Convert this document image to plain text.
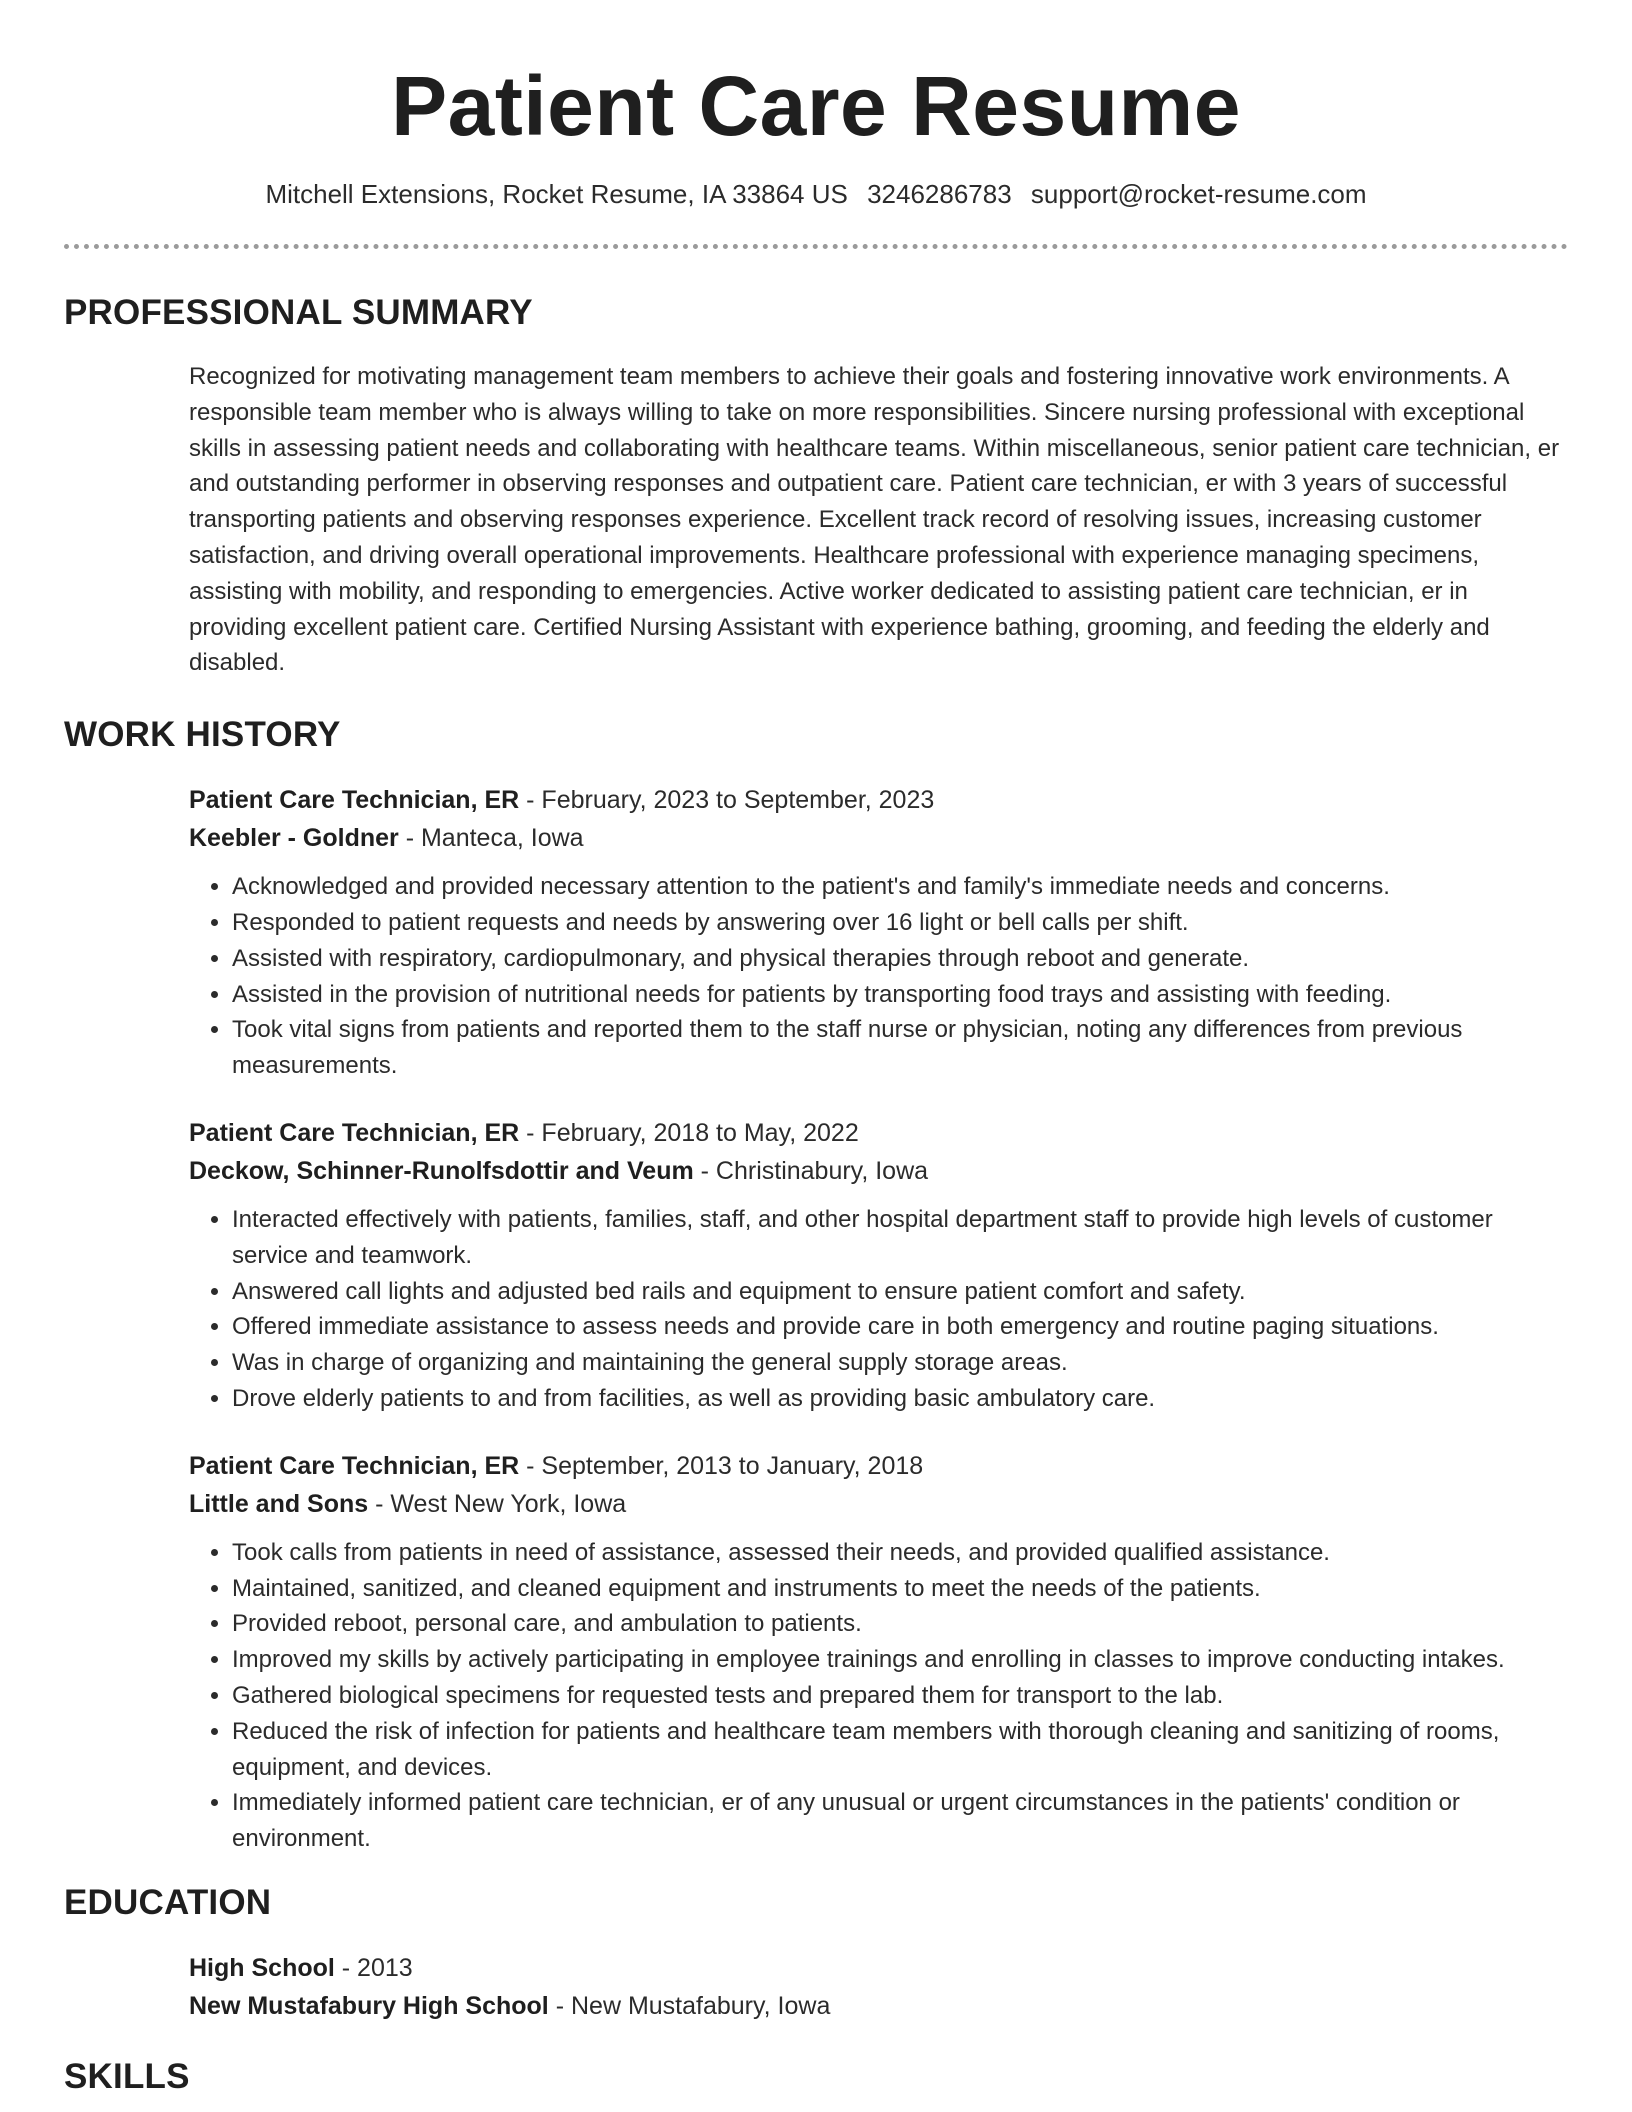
Patient Care Resume
Mitchell Extensions, Rocket Resume, IA 33864 US 3246286783 support@rocket-resume.com
PROFESSIONAL SUMMARY

Recognized for motivating management team members to achieve their goals and fostering innovative work environments. A responsible team member who is always willing to take on more responsibilities. Sincere nursing professional with exceptional skills in assessing patient needs and collaborating with healthcare teams. Within miscellaneous, senior patient care technician, er and outstanding performer in observing responses and outpatient care. Patient care technician, er with 3 years of successful transporting patients and observing responses experience. Excellent track record of resolving issues, increasing customer satisfaction, and driving overall operational improvements. Healthcare professional with experience managing specimens, assisting with mobility, and responding to emergencies. Active worker dedicated to assisting patient care technician, er in providing excellent patient care. Certified Nursing Assistant with experience bathing, grooming, and feeding the elderly and disabled.

WORK HISTORY
Patient Care Technician, ER - February, 2023 to September, 2023
Keebler - Goldner - Manteca, Iowa
• Acknowledged and provided necessary attention to the patient's and family's immediate needs and concerns.
• Responded to patient requests and needs by answering over 16 light or bell calls per shift.
• Assisted with respiratory, cardiopulmonary, and physical therapies through reboot and generate.
• Assisted in the provision of nutritional needs for patients by transporting food trays and assisting with feeding.
• Took vital signs from patients and reported them to the staff nurse or physician, noting any differences from previous measurements.
Patient Care Technician, ER - February, 2018 to May, 2022
Deckow, Schinner-Runolfsdottir and Veum - Christinabury, Iowa
• Interacted effectively with patients, families, staff, and other hospital department staff to provide high levels of customer service and teamwork.
• Answered call lights and adjusted bed rails and equipment to ensure patient comfort and safety.
• Offered immediate assistance to assess needs and provide care in both emergency and routine paging situations.
• Was in charge of organizing and maintaining the general supply storage areas.
• Drove elderly patients to and from facilities, as well as providing basic ambulatory care.
Patient Care Technician, ER - September, 2013 to January, 2018
Little and Sons - West New York, Iowa
• Took calls from patients in need of assistance, assessed their needs, and provided qualified assistance.
• Maintained, sanitized, and cleaned equipment and instruments to meet the needs of the patients.
• Provided reboot, personal care, and ambulation to patients.
• Improved my skills by actively participating in employee trainings and enrolling in classes to improve conducting intakes.
• Gathered biological specimens for requested tests and prepared them for transport to the lab.
• Reduced the risk of infection for patients and healthcare team members with thorough cleaning and sanitizing of rooms, equipment, and devices.
• Immediately informed patient care technician, er of any unusual or urgent circumstances in the patients' condition or environment.
EDUCATION
High School - 2013
New Mustafabury High School - New Mustafabury, Iowa
SKILLS
